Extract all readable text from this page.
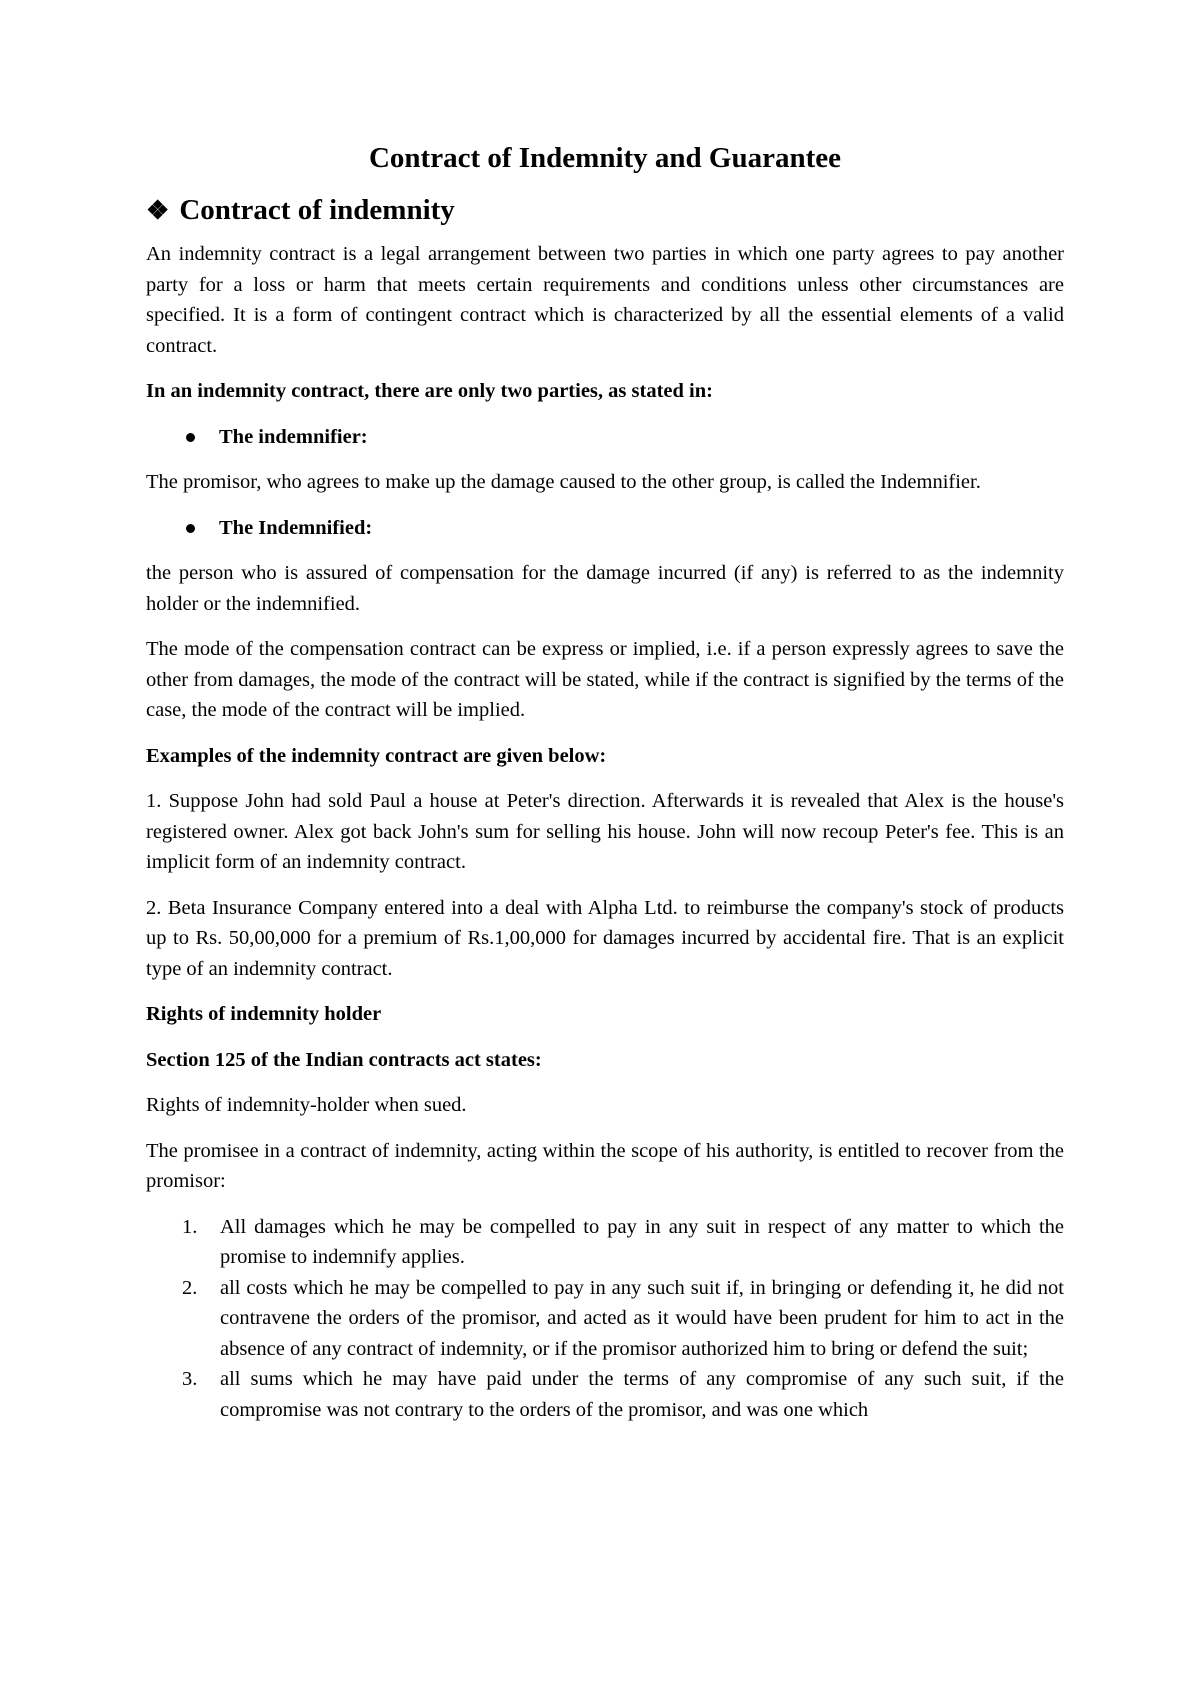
Contract of Indemnity and Guarantee
❖ Contract of indemnity

An indemnity contract is a legal arrangement between two parties in which one party agrees to pay another party for a loss or harm that meets certain requirements and conditions unless other circumstances are specified. It is a form of contingent contract which is characterized by all the essential elements of a valid contract.

In an indemnity contract, there are only two parties, as stated in:

The indemnifier:

The promisor, who agrees to make up the damage caused to the other group, is called the Indemnifier.

The Indemnified:

the person who is assured of compensation for the damage incurred (if any) is referred to as the indemnity holder or the indemnified.

The mode of the compensation contract can be express or implied, i.e. if a person expressly agrees to save the other from damages, the mode of the contract will be stated, while if the contract is signified by the terms of the case, the mode of the contract will be implied.

Examples of the indemnity contract are given below:

1. Suppose John had sold Paul a house at Peter's direction. Afterwards it is revealed that Alex is the house's registered owner. Alex got back John's sum for selling his house. John will now recoup Peter's fee. This is an implicit form of an indemnity contract.

2. Beta Insurance Company entered into a deal with Alpha Ltd. to reimburse the company's stock of products up to Rs. 50,00,000 for a premium of Rs.1,00,000 for damages incurred by accidental fire. That is an explicit type of an indemnity contract.

Rights of indemnity holder

Section 125 of the Indian contracts act states:

Rights of indemnity-holder when sued.

The promisee in a contract of indemnity, acting within the scope of his authority, is entitled to recover from the promisor:

1.	All damages which he may be compelled to pay in any suit in respect of any matter to which the promise to indemnify applies.
2.	all costs which he may be compelled to pay in any such suit if, in bringing or defending it, he did not contravene the orders of the promisor, and acted as it would have been prudent for him to act in the absence of any contract of indemnity, or if the promisor authorized him to bring or defend the suit;
3.	all sums which he may have paid under the terms of any compromise of any such suit, if the compromise was not contrary to the orders of the promisor, and was one which
